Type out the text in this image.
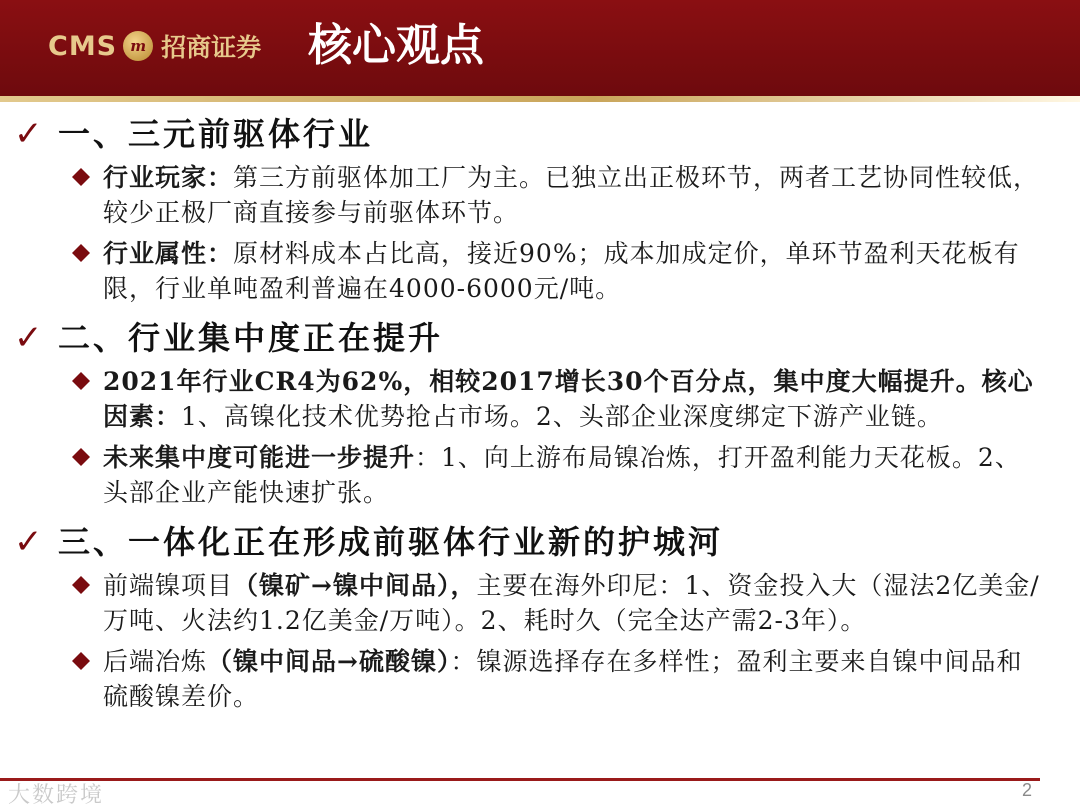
CMS m 招商证券 核心观点
✓ 一、三元前驱体行业
行业玩家：第三方前驱体加工厂为主。已独立出正极环节，两者工艺协同性较低，较少正极厂商直接参与前驱体环节。
行业属性：原材料成本占比高，接近90%；成本加成定价，单环节盈利天花板有限，行业单吨盈利普遍在4000-6000元/吨。
✓ 二、行业集中度正在提升
2021年行业CR4为62%，相较2017增长30个百分点，集中度大幅提升。核心因素：1、高镍化技术优势抢占市场。2、头部企业深度绑定下游产业链。
未来集中度可能进一步提升：1、向上游布局镍冶炼，打开盈利能力天花板。2、头部企业产能快速扩张。
✓ 三、一体化正在形成前驱体行业新的护城河
前端镍项目（镍矿→镍中间品），主要在海外印尼：1、资金投入大（湿法2亿美金/万吨、火法约1.2亿美金/万吨）。2、耗时久（完全达产需2-3年）。
后端冶炼（镍中间品→硫酸镍）：镍源选择存在多样性；盈利主要来自镍中间品和硫酸镍差价。
大数跨境	2
